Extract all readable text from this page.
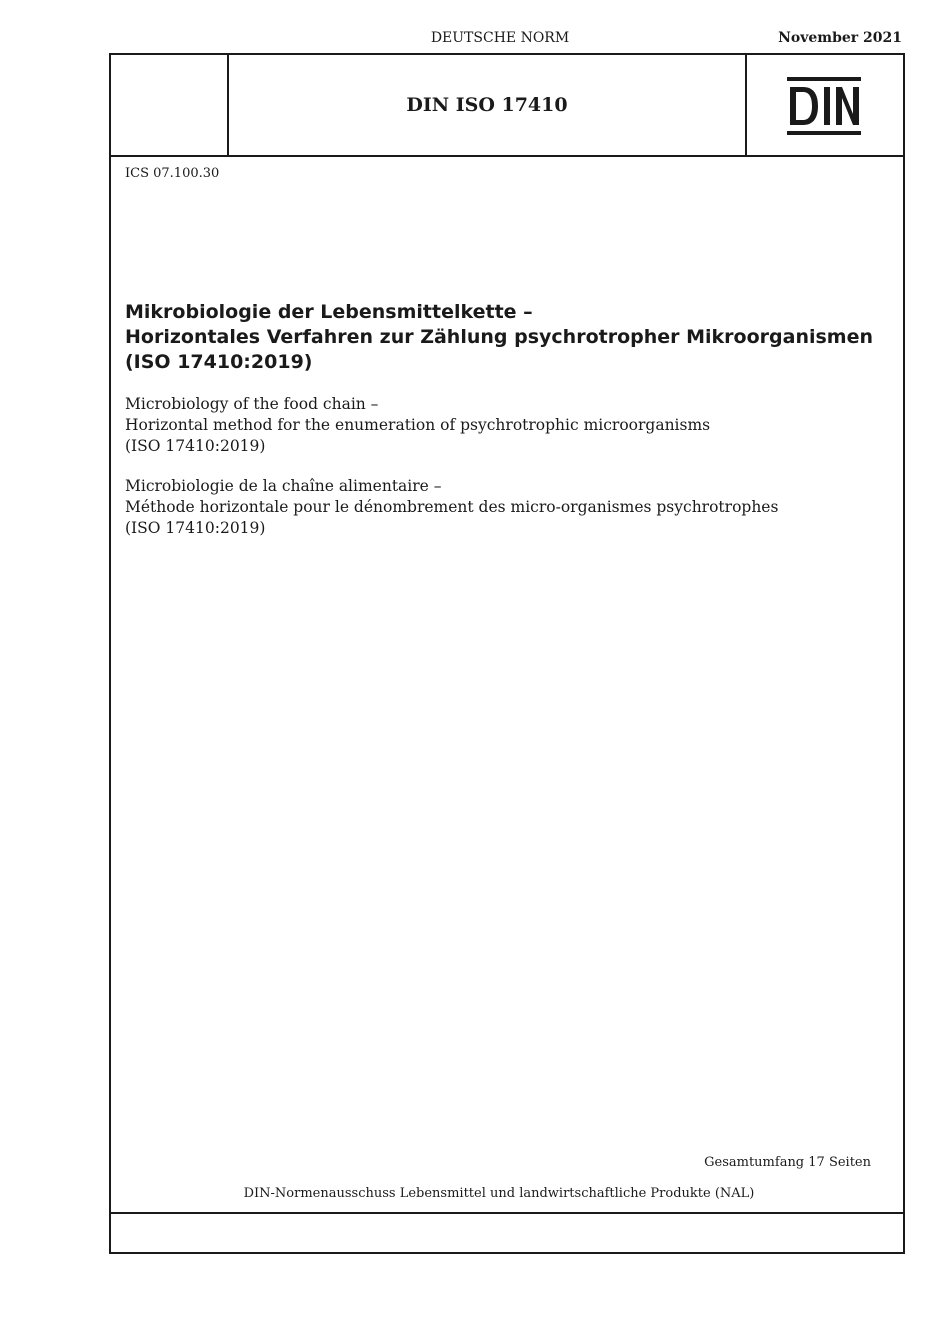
DEUTSCHE NORM	November 2021
DIN ISO 17410
ICS 07.100.30
Mikrobiologie der Lebensmittelkette –
Horizontales Verfahren zur Zählung psychrotropher Mikroorganismen
(ISO 17410:2019)
Microbiology of the food chain –
Horizontal method for the enumeration of psychrotrophic microorganisms
(ISO 17410:2019)
Microbiologie de la chaîne alimentaire –
Méthode horizontale pour le dénombrement des micro-organismes psychrotrophes
(ISO 17410:2019)
Gesamtumfang 17 Seiten
DIN-Normenausschuss Lebensmittel und landwirtschaftliche Produkte (NAL)
